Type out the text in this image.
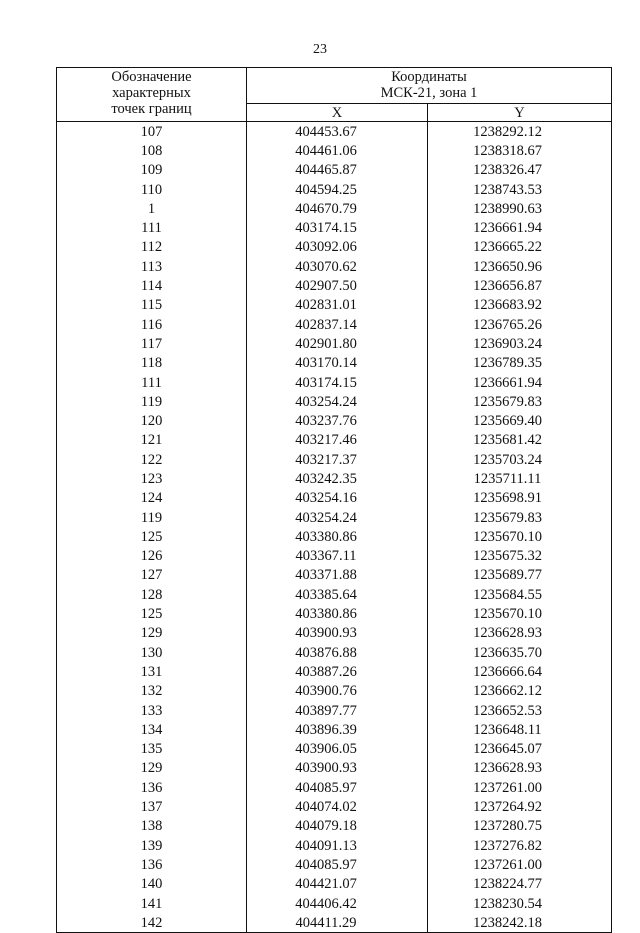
23
Обозначение
характерных
точек границ	Координаты
МСК-21, зона 1	

	X	Y
107	404453.67	1238292.12
108	404461.06	1238318.67
109	404465.87	1238326.47
110	404594.25	1238743.53
1	404670.79	1238990.63
111	403174.15	1236661.94
112	403092.06	1236665.22
113	403070.62	1236650.96
114	402907.50	1236656.87
115	402831.01	1236683.92
116	402837.14	1236765.26
117	402901.80	1236903.24
118	403170.14	1236789.35
111	403174.15	1236661.94
119	403254.24	1235679.83
120	403237.76	1235669.40
121	403217.46	1235681.42
122	403217.37	1235703.24
123	403242.35	1235711.11
124	403254.16	1235698.91
119	403254.24	1235679.83
125	403380.86	1235670.10
126	403367.11	1235675.32
127	403371.88	1235689.77
128	403385.64	1235684.55
125	403380.86	1235670.10
129	403900.93	1236628.93
130	403876.88	1236635.70
131	403887.26	1236666.64
132	403900.76	1236662.12
133	403897.77	1236652.53
134	403896.39	1236648.11
135	403906.05	1236645.07
129	403900.93	1236628.93
136	404085.97	1237261.00
137	404074.02	1237264.92
138	404079.18	1237280.75
139	404091.13	1237276.82
136	404085.97	1237261.00
140	404421.07	1238224.77
141	404406.42	1238230.54
142	404411.29	1238242.18
